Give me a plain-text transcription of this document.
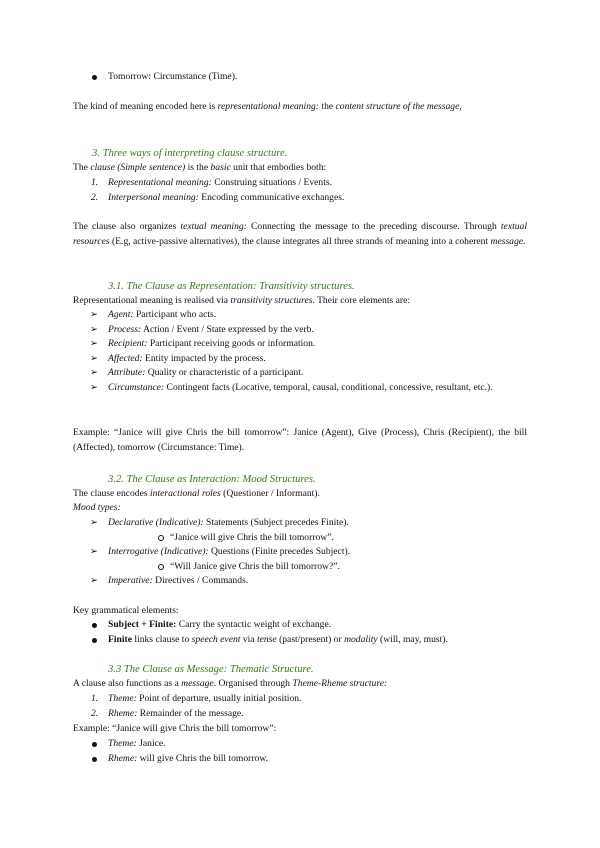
Tomorrow: Circumstance (Time).

The kind of meaning encoded here is representational meaning: the content structure of the message,

3. Three ways of interpreting clause structure.

The clause (Simple sentence) is the basic unit that embodies both:

1. Representational meaning: Construing situations / Events.
2. Interpersonal meaning: Encoding communicative exchanges.

The clause also organizes textual meaning: Connecting the message to the preceding discourse. Through textual resources (E.g, active-passive alternatives), the clause integrates all three strands of meaning into a coherent message.

3.1. The Clause as Representation: Transitivity structures.

Representational meaning is realised via transitivity structures. Their core elements are:

➢	Agent: Participant who acts.
➢	Process: Action / Event / State expressed by the verb.
➢	Recipient: Participant receiving goods or information.
➢	Affected: Entity impacted by the process.
➢	Attribute: Quality or characteristic of a participant.
➢	Circumstance: Contingent facts (Locative, temporal, causal, conditional, concessive, resultant, etc.).

Example: “Janice will give Chris the bill tomorrow”: Janice (Agent), Give (Process), Chris (Recipient), the bill (Affected), tomorrow (Circumstance: Time).

3.2. The Clause as Interaction: Mood Structures.

The clause encodes interactional roles (Questioner / Informant).

Mood types:

➢	Declarative (Indicative): Statements (Subject precedes Finite).
“Janice will give Chris the bill tomorrow”.
➢	Interrogative (Indicative): Questions (Finite precedes Subject).
“Will Janice give Chris the bill tomorrow?”.
➢	Imperative: Directives / Commands.

Key grammatical elements:

Subject + Finite: Carry the syntactic weight of exchange.
Finite links clause to speech event via tense (past/present) or modality (will, may, must).

3.3 The Clause as Message: Thematic Structure.

A clause also functions as a message. Organised through Theme-Rheme structure:

1. Theme: Point of departure, usually initial position.
2. Rheme: Remainder of the message.

Example: “Janice will give Chris the bill tomorrow”:

Theme: Janice.
Rheme: will give Chris the bill tomorrow.
